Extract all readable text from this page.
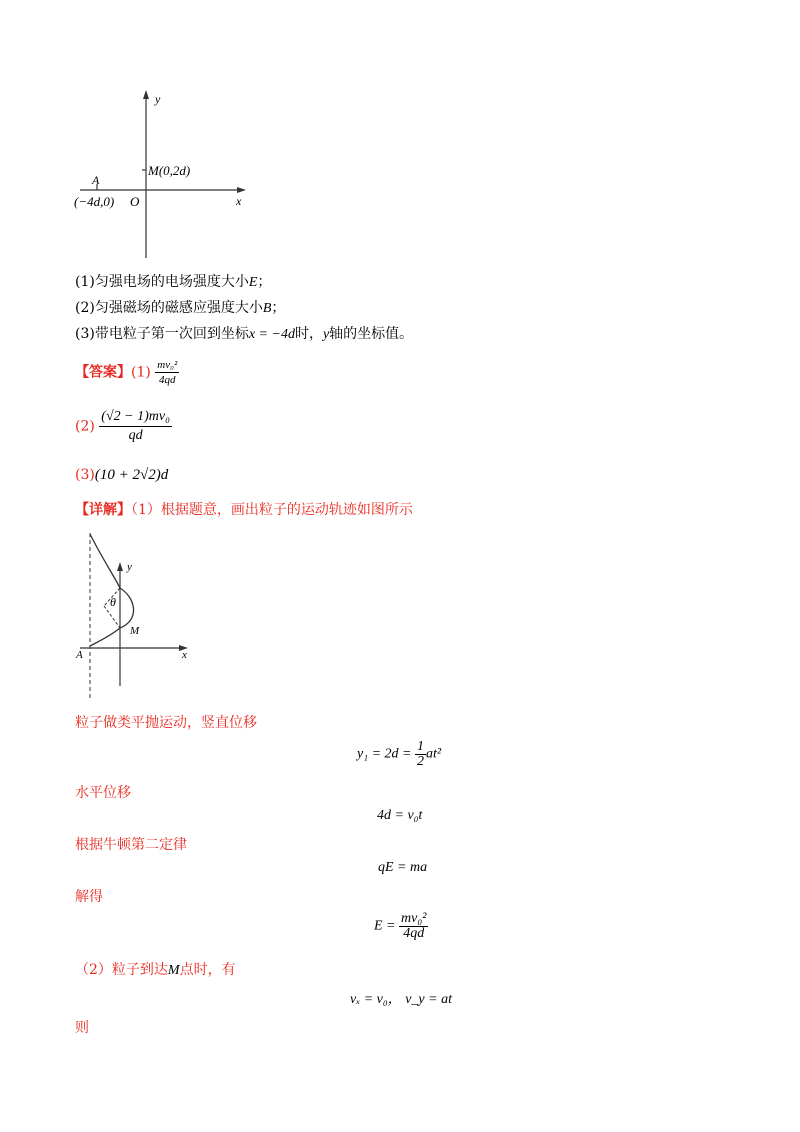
y
M(0,2d)
A
(−4d,0) O	x
(1)匀强电场的电场强度大小E；
(2)匀强磁场的磁感应强度大小B；
(3)带电粒子第一次回到坐标x = −4d时，y轴的坐标值。
【答案】$(1) \frac{\text{mv₀²}}{4qd}$
$(2) \frac{\text{(√2 − 1)mv₀}}{qd}$
(3)(10 + 2√2)d
【详解】（1）根据题意，画出粒子的运动轨迹如图所示
y
θ
M
A	x
粒子做类平抛运动，竖直位移
$y_1 = 2d = \frac{1}{2} at^2$
水平位移
4d = v₀t
根据牛顿第二定律
qE = ma
解得
$E = \frac{\text{mv₀²}}{4qd}$
（2）粒子到达M点时，有
vₓ = v₀， v_y = at
则
